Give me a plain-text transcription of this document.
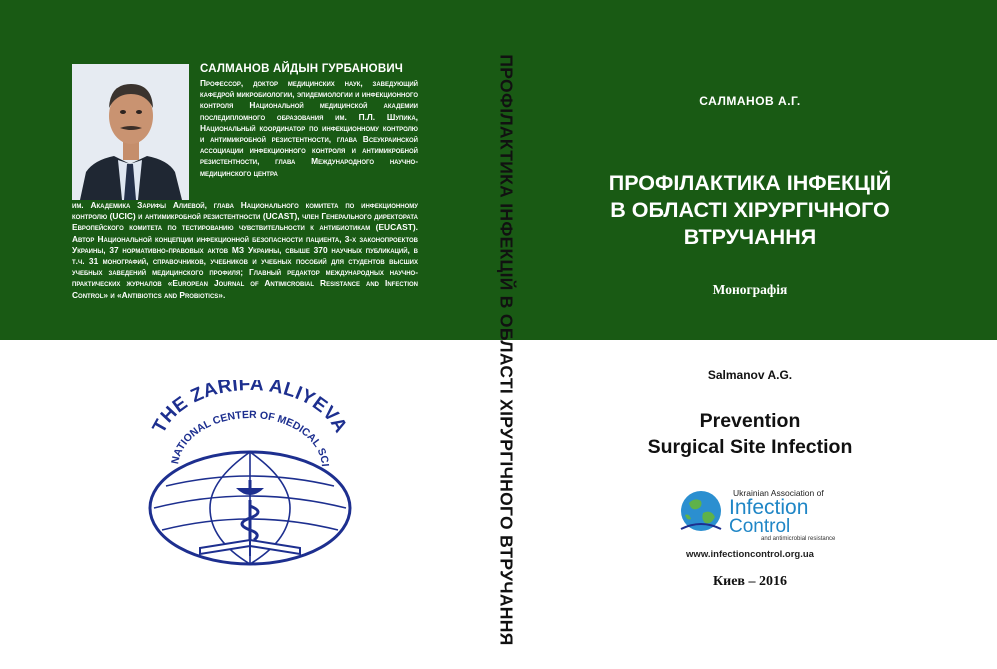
САЛМАНОВ АЙДЫН ГУРБАНОВИЧ

Профессор, доктор медицинских наук, заведующий кафедрой микробиологии, эпидемиологии и инфекционного контроля Национальной медицинской академии последипломного образования им. П.Л. Шупика, Национальный координатор по инфекционному контролю и антимикробной резистентности, глава Всеукраинской ассоциации инфекционного контроля и антимикробной резистентности, глава Международного научно-медицинского центра

им. Академика Зарифы Алиевой, глава Национального комитета по инфекционному контролю (UCIC) и антимикробной резистентности (UCAST), член Генерального директората Европейского комитета по тестированию чувствительности к антибиотикам (EUCAST). Автор Национальной концепции инфекционной безопасности пациента, 3-х законопроектов Украины, 37 нормативно-правовых актов МЗ Украины, свыше 370 научных публикаций, в т.ч. 31 монографий, справочников, учебников и учебных пособий для студентов высших учебных заведений медицинского профиля; Главный редактор международных научно-практических журналов «European Journal of Antimicrobial Resistance and Infection Control» и «Antibiotics and Probiotics».

THE ZARIFA ALIYEVA
NATIONAL CENTER OF MEDICAL SCI	ПРОФІЛАКТИКА ІНФЕКЦІЙ В ОБЛАСТІ ХІРУРГІЧНОГО ВТРУЧАННЯ	САЛМАНОВ А.Г.

ПРОФІЛАКТИКА ІНФЕКЦІЙ
В ОБЛАСТІ ХІРУРГІЧНОГО
ВТРУЧАННЯ

Монографія

Salmanov A.G.

Prevention
Surgical Site Infection

Ukrainian Association of

Infection

Control

and antimicrobial resistance

www.infectioncontrol.org.ua

Киев – 2016
